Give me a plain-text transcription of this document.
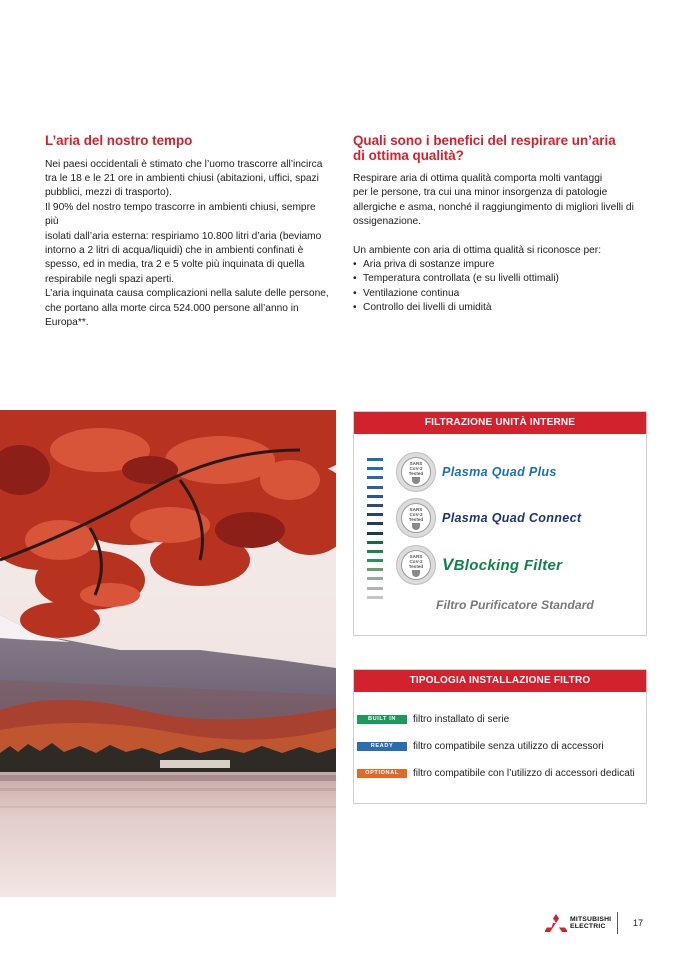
L’aria del nostro tempo

Nei paesi occidentali è stimato che l’uomo trascorre all’incirca
tra le 18 e le 21 ore in ambienti chiusi (abitazioni, uffici, spazi
pubblici, mezzi di trasporto).
Il 90% del nostro tempo trascorre in ambienti chiusi, sempre più
isolati dall’aria esterna: respiriamo 10.800 litri d’aria (beviamo
intorno a 2 litri di acqua/liquidi) che in ambienti confinati è
spesso, ed in media, tra 2 e 5 volte più inquinata di quella
respirabile negli spazi aperti.
L’aria inquinata causa complicazioni nella salute delle persone,
che portano alla morte circa 524.000 persone all’anno in
Europa**.

Quali sono i benefici del respirare un’aria
di ottima qualità?

Respirare aria di ottima qualità comporta molti vantaggi
per le persone, tra cui una minor insorgenza di patologie
allergiche e asma, nonché il raggiungimento di migliori livelli di
ossigenazione.

Un ambiente con aria di ottima qualità si riconosce per:

• Aria priva di sostanze impure
• Temperatura controllata (e su livelli ottimali)
• Ventilazione continua
• Controllo dei livelli di umidità
FILTRAZIONE UNITÀ INTERNE
SARS
CoV-2
Tested Plasma Quad Plus
SARS
CoV-2
Tested Plasma Quad Connect
SARS
CoV-2
Tested VBlocking Filter
Filtro Purificatore Standard
TIPOLOGIA INSTALLAZIONE FILTRO
BUILT IN	filtro installato di serie
READY	filtro compatibile senza utilizzo di accessori
OPTIONAL	filtro compatibile con l’utilizzo di accessori dedicati
MITSUBISHI
ELECTRIC	17
